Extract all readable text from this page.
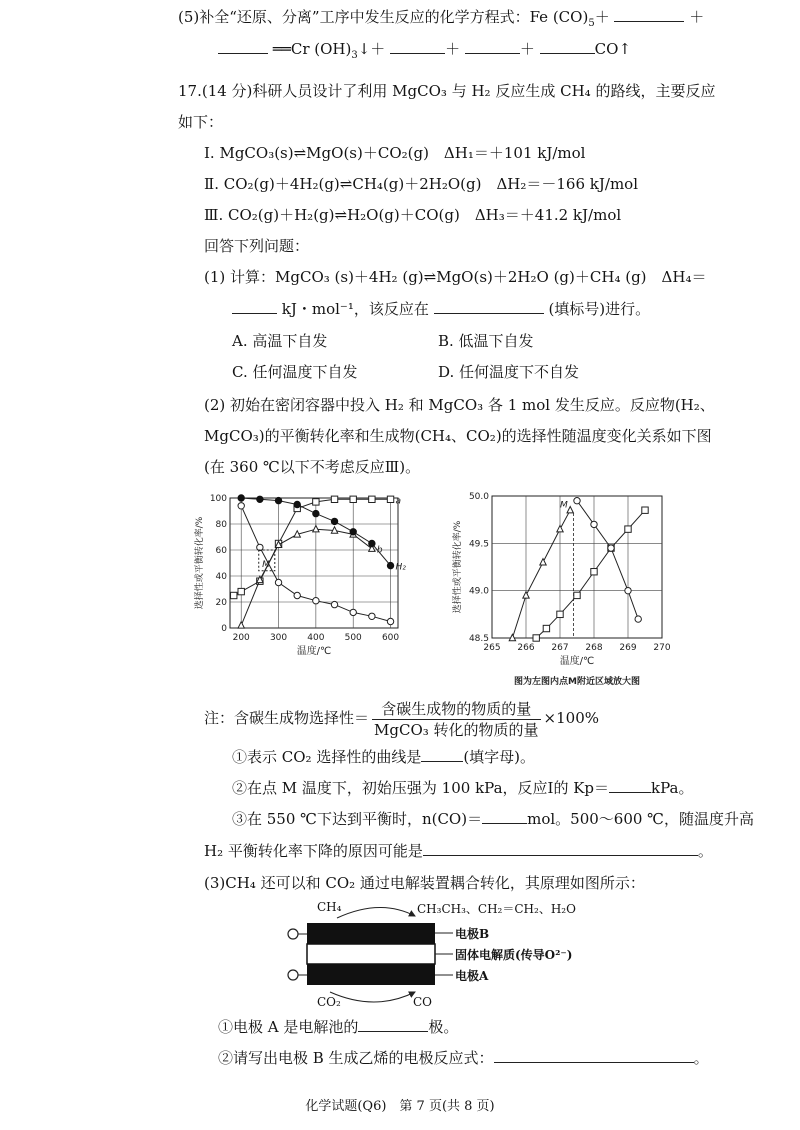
(5)补全“还原、分离”工序中发生反应的化学方程式：Fe $(CO)_5+$	＋
══Cr $(OH)_3↓+$	＋	＋	CO↑
17.(14 分)科研人员设计了利用 MgCO₃ 与 H₂ 反应生成 CH₄ 的路线，主要反应
如下：
Ⅰ. MgCO₃(s)⇌MgO(s)＋CO₂(g)　ΔH₁＝＋101 kJ/mol
Ⅱ. CO₂(g)＋4H₂(g)⇌CH₄(g)＋2H₂O(g)　ΔH₂＝－166 kJ/mol
Ⅲ. CO₂(g)＋H₂(g)⇌H₂O(g)＋CO(g)　ΔH₃＝＋41.2 kJ/mol
回答下列问题：
(1) 计算：MgCO₃ (s)＋4H₂ (g)⇌MgO(s)＋2H₂O (g)＋CH₄ (g)　ΔH₄＝
kJ・mol⁻¹，该反应在	(填标号)进行。
A. 高温下自发	B. 低温下自发
C. 任何温度下自发	D. 任何温度下不自发
(2) 初始在密闭容器中投入 H₂ 和 MgCO₃ 各 1 mol 发生反应。反应物(H₂、
MgCO₃)的平衡转化率和生成物(CH₄、CO₂)的选择性随温度变化关系如下图
(在 360 ℃以下不考虑反应Ⅲ)。
200 300 400 500 600
0
20
40
60
80
100	a
b
H₂
温度/℃
选择性或平衡转化率/%	M
265 266 267 268 269 270
48.5
49.0
49.5
50.0
温度/℃
选择性或平衡转化率/%
M
图为左图内点M附近区域放大图
注：含碳生成物选择性＝ $\frac{\text{含碳生成物的物质的量}}{\text{MgCO₃ 转化的物质的量}} \times 100\%$
①表示 CO₂ 选择性的曲线是	(填字母)。
②在点 M 温度下，初始压强为 100 kPa，反应Ⅰ的 Kp＝	kPa。
③在 550 ℃下达到平衡时，n(CO)＝	mol。500～600 ℃，随温度升高
H₂ 平衡转化率下降的原因可能是	。
(3)CH₄ 还可以和 CO₂ 通过电解装置耦合转化，其原理如图所示：
CH₄	CH₃CH₃、CH₂＝CH₂、H₂O
电极B
固体电解质(传导O²⁻)
电极A
CO₂	CO
①电极 A 是电解池的	极。
②请写出电极 B 生成乙烯的电极反应式：	。
化学试题(Q6)　第 7 页(共 8 页)
